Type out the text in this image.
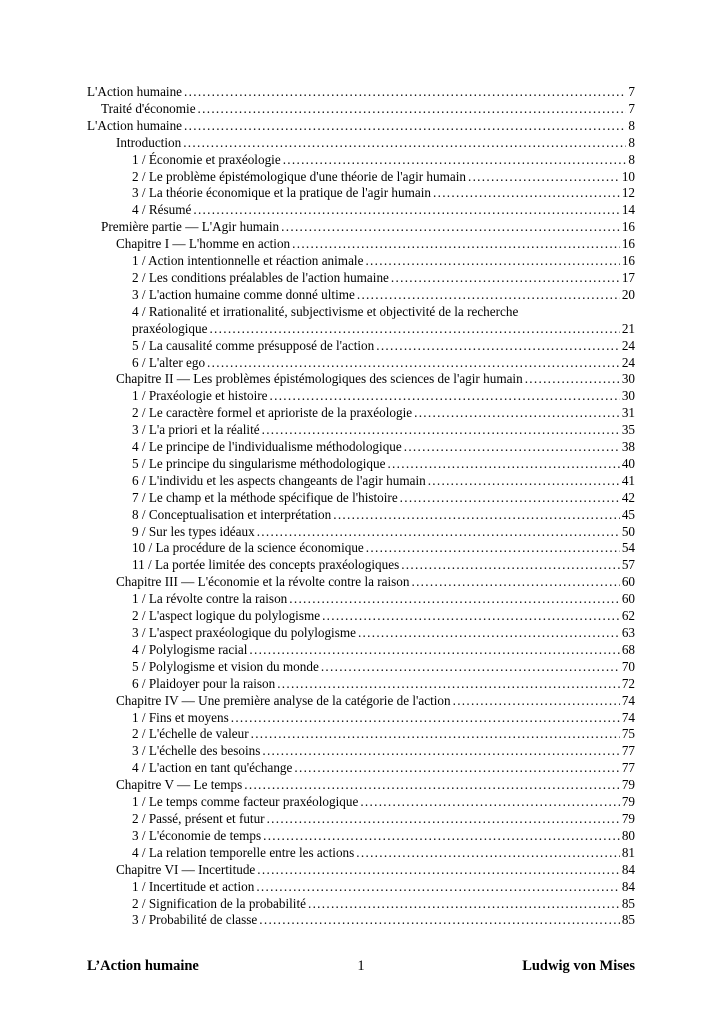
L'Action humaine .....	7
Traité d'économie .....	7
L'Action humaine .....	8
Introduction .....	8
1 / Économie et praxéologie .....	8
2 / Le problème épistémologique d'une théorie de l'agir humain .....	10
3 / La théorie économique et la pratique de l'agir humain .....	12
4 / Résumé .....	14
Première partie — L'Agir humain .....	16
Chapitre I — L'homme en action .....	16
1 / Action intentionnelle et réaction animale .....	16
2 / Les conditions préalables de l'action humaine .....	17
3 / L'action humaine comme donné ultime .....	20
4 / Rationalité et irrationalité, subjectivisme et objectivité de la recherche
praxéologique .....	21
5 / La causalité comme présupposé de l'action .....	24
6 / L'alter ego .....	24
Chapitre II — Les problèmes épistémologiques des sciences de l'agir humain .....	30
1 / Praxéologie et histoire .....	30
2 / Le caractère formel et aprioriste de la praxéologie .....	31
3 / L'a priori et la réalité .....	35
4 / Le principe de l'individualisme méthodologique .....	38
5 / Le principe du singularisme méthodologique .....	40
6 / L'individu et les aspects changeants de l'agir humain .....	41
7 / Le champ et la méthode spécifique de l'histoire .....	42
8 / Conceptualisation et interprétation .....	45
9 / Sur les types idéaux .....	50
10 / La procédure de la science économique .....	54
11 / La portée limitée des concepts praxéologiques .....	57
Chapitre III — L'économie et la révolte contre la raison .....	60
1 / La révolte contre la raison .....	60
2 / L'aspect logique du polylogisme .....	62
3 / L'aspect praxéologique du polylogisme .....	63
4 / Polylogisme racial .....	68
5 / Polylogisme et vision du monde .....	70
6 / Plaidoyer pour la raison .....	72
Chapitre IV — Une première analyse de la catégorie de l'action .....	74
1 / Fins et moyens .....	74
2 / L'échelle de valeur .....	75
3 / L'échelle des besoins .....	77
4 / L'action en tant qu'échange .....	77
Chapitre V — Le temps .....	79
1 / Le temps comme facteur praxéologique .....	79
2 / Passé, présent et futur .....	79
3 / L'économie de temps .....	80
4 / La relation temporelle entre les actions .....	81
Chapitre VI — Incertitude .....	84
1 / Incertitude et action .....	84
2 / Signification de la probabilité .....	85
3 / Probabilité de classe .....	85
L’Action humaine	1	Ludwig von Mises
